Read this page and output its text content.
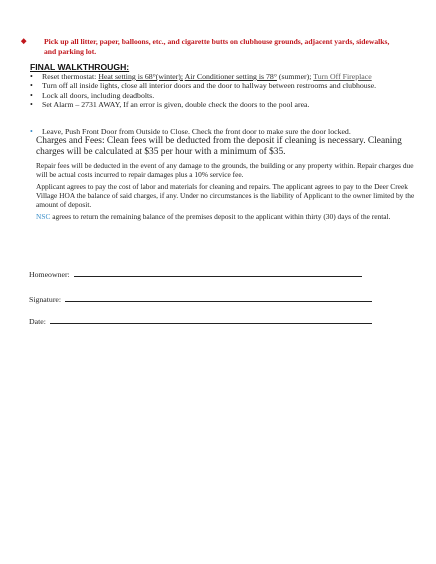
◆ Pick up all litter, paper, balloons, etc., and cigarette butts on clubhouse grounds, adjacent yards, sidewalks, and parking lot.
FINAL WALKTHROUGH:
• Reset thermostat: Heat setting is 68°(winter); Air Conditioner setting is 78° (summer); Turn Off Fireplace
• Turn off all inside lights, close all interior doors and the door to hallway between restrooms and clubhouse.
• Lock all doors, including deadbolts.
• Set Alarm – 2731 AWAY, If an error is given, double check the doors to the pool area.
•	Leave, Push Front Door from Outside to Close. Check the front door to make sure the door locked.
Charges and Fees: Clean fees will be deducted from the deposit if cleaning is necessary. Cleaning charges will be calculated at $35 per hour with a minimum of $35.
Repair fees will be deducted in the event of any damage to the grounds, the building or any property within. Repair charges due will be actual costs incurred to repair damages plus a 10% service fee.
Applicant agrees to pay the cost of labor and materials for cleaning and repairs. The applicant agrees to pay to the Deer Creek Village HOA the balance of said charges, if any. Under no circumstances is the liability of Applicant to the owner limited by the amount of deposit.
NSC agrees to return the remaining balance of the premises deposit to the applicant within thirty (30) days of the rental.
Homeowner:
Signature:
Date:
